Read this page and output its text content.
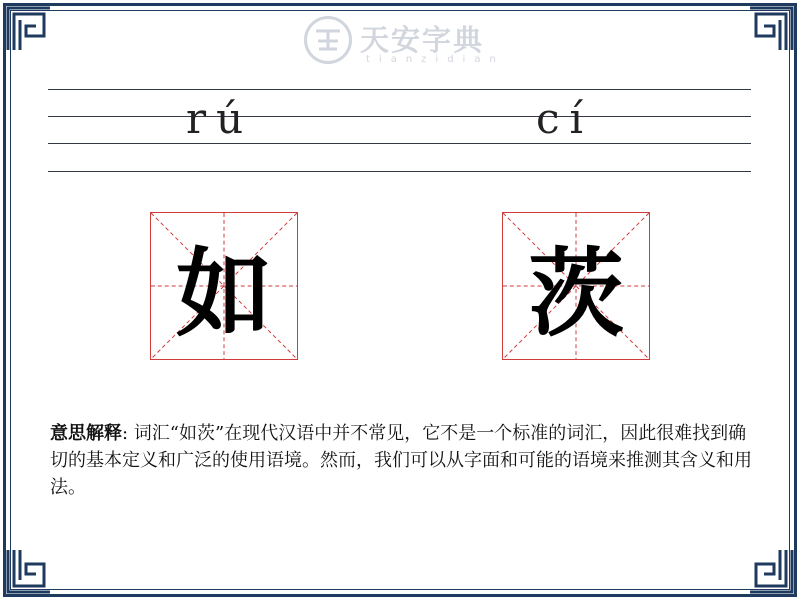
天安字典
tianzidian
rú	cí
如	茨
意思解释: 词汇“如茨”在现代汉语中并不常见，它不是一个标准的词汇，因此很难找到确切的基本定义和广泛的使用语境。然而，我们可以从字面和可能的语境来推测其含义和用法。
